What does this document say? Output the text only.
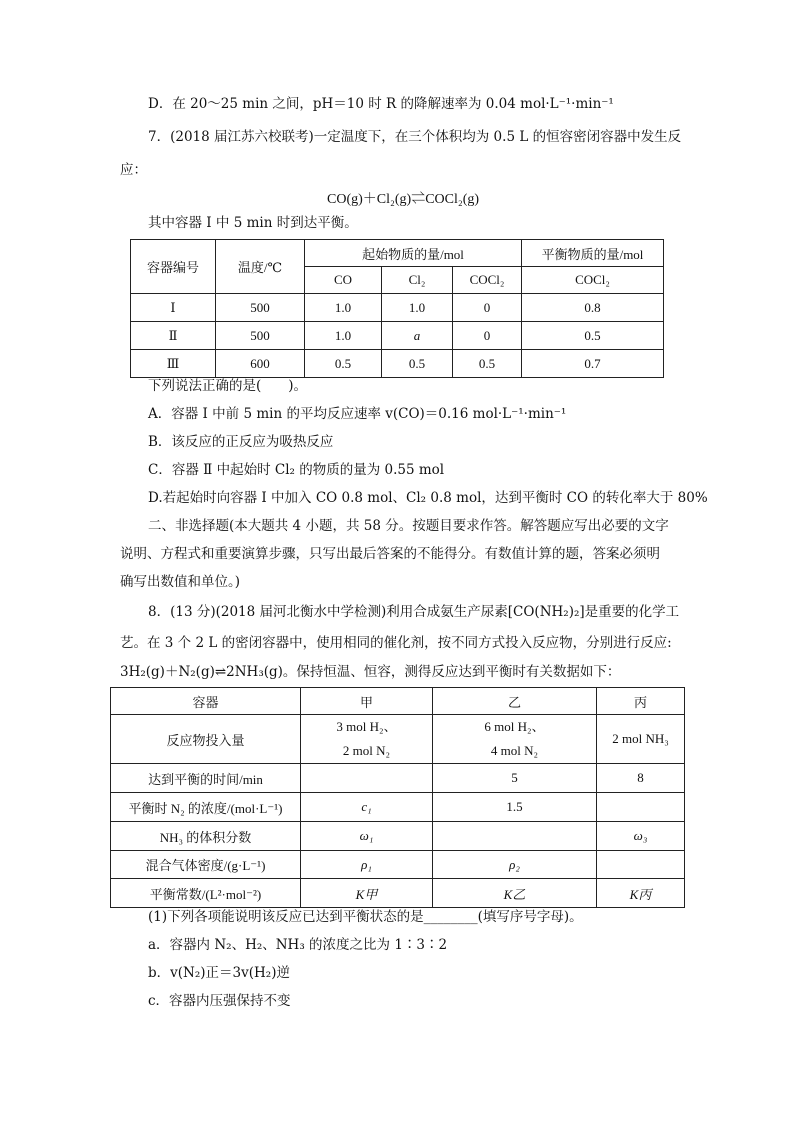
D．在 20～25 min 之间，pH＝10 时 R 的降解速率为 0.04 mol·L⁻¹·min⁻¹
7．(2018 届江苏六校联考)一定温度下，在三个体积均为 0.5 L 的恒容密闭容器中发生反
应：
CO(g)＋Cl₂(g)⇌COCl₂(g)
其中容器 Ⅰ 中 5 min 时到达平衡。
容器编号	温度/℃	起始物质的量/mol			平衡物质的量/mol
		CO	Cl₂	COCl₂	COCl₂
Ⅰ	500	1.0	1.0	0	0.8
Ⅱ	500	1.0	a	0	0.5
Ⅲ	600	0.5	0.5	0.5	0.7
下列说法正确的是(　　)。
A．容器 Ⅰ 中前 5 min 的平均反应速率 v(CO)＝0.16 mol·L⁻¹·min⁻¹
B．该反应的正反应为吸热反应
C．容器 Ⅱ 中起始时 Cl₂ 的物质的量为 0.55 mol
D.若起始时向容器 Ⅰ 中加入 CO 0.8 mol、Cl₂ 0.8 mol，达到平衡时 CO 的转化率大于 80%
二、非选择题(本大题共 4 小题，共 58 分。按题目要求作答。解答题应写出必要的文字
说明、方程式和重要演算步骤，只写出最后答案的不能得分。有数值计算的题，答案必须明
确写出数值和单位。)
8．(13 分)(2018 届河北衡水中学检测)利用合成氨生产尿素[CO(NH₂)₂]是重要的化学工
艺。在 3 个 2 L 的密闭容器中，使用相同的催化剂，按不同方式投入反应物，分别进行反应:
3H₂(g)＋N₂(g)⇌2NH₃(g)。保持恒温、恒容，测得反应达到平衡时有关数据如下：
容器	甲	乙	丙
反应物投入量	3 mol H₂、
2 mol N₂	6 mol H₂、
4 mol N₂	2 mol NH₃
达到平衡的时间/min		5	8
平衡时 N₂ 的浓度/(mol·L⁻¹)	c₁	1.5	
NH₃ 的体积分数	ω₁		ω₃
混合气体密度/(g·L⁻¹)	ρ₁	ρ₂	
平衡常数/(L²·mol⁻²)	K甲	K乙	K丙
(1)下列各项能说明该反应已达到平衡状态的是________(填写序号字母)。
a．容器内 N₂、H₂、NH₃ 的浓度之比为 1∶3∶2
b．v(N₂)正＝3v(H₂)逆
c．容器内压强保持不变
